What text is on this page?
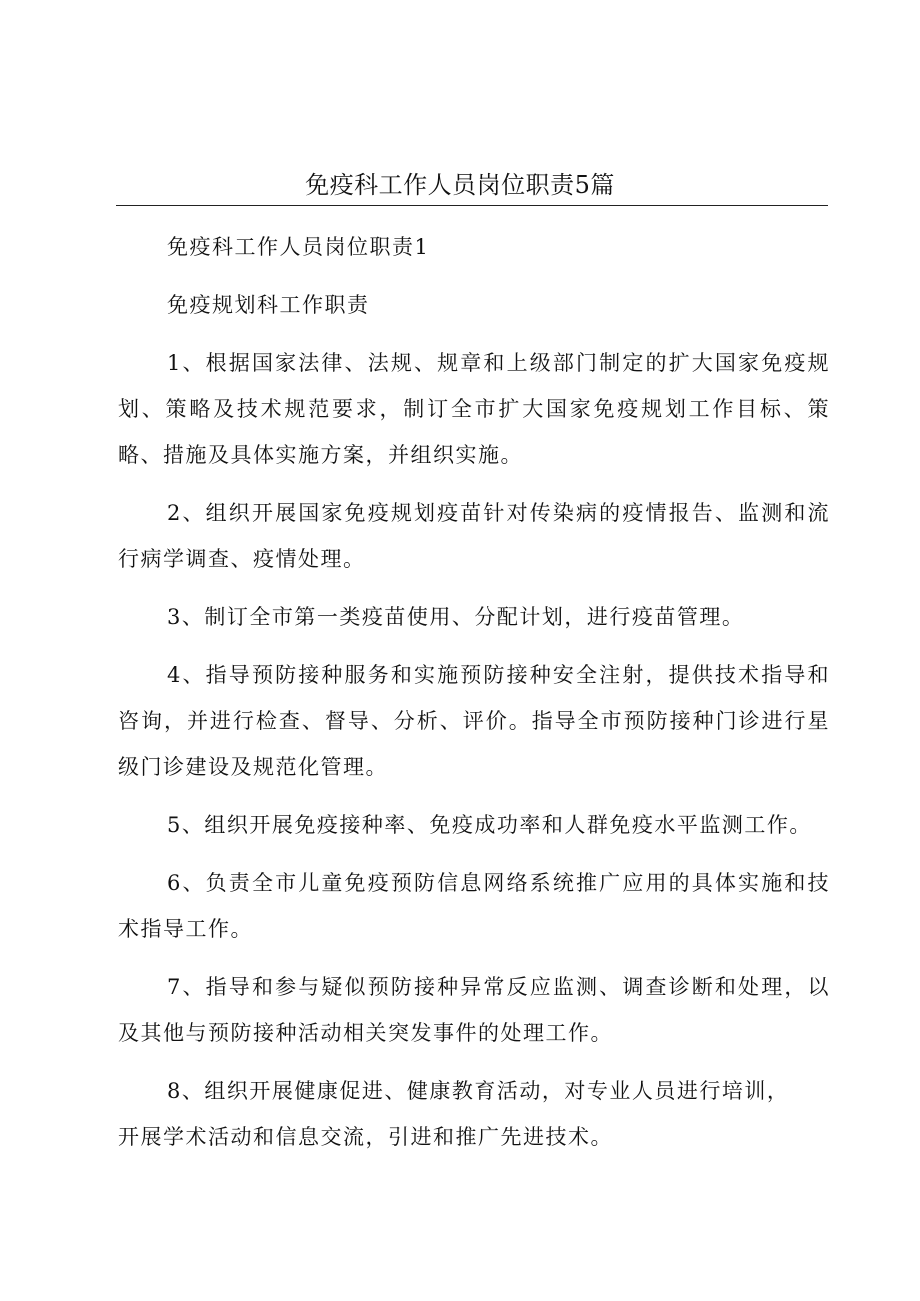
免疫科工作人员岗位职责5篇

免疫科工作人员岗位职责1

免疫规划科工作职责

1、根据国家法律、法规、规章和上级部门制定的扩大国家免疫规划、策略及技术规范要求，制订全市扩大国家免疫规划工作目标、策略、措施及具体实施方案，并组织实施。

2、组织开展国家免疫规划疫苗针对传染病的疫情报告、监测和流行病学调查、疫情处理。

3、制订全市第一类疫苗使用、分配计划，进行疫苗管理。

4、指导预防接种服务和实施预防接种安全注射，提供技术指导和咨询，并进行检查、督导、分析、评价。指导全市预防接种门诊进行星级门诊建设及规范化管理。

5、组织开展免疫接种率、免疫成功率和人群免疫水平监测工作。

6、负责全市儿童免疫预防信息网络系统推广应用的具体实施和技术指导工作。

7、指导和参与疑似预防接种异常反应监测、调查诊断和处理，以及其他与预防接种活动相关突发事件的处理工作。

8、组织开展健康促进、健康教育活动，对专业人员进行培训，

开展学术活动和信息交流，引进和推广先进技术。
